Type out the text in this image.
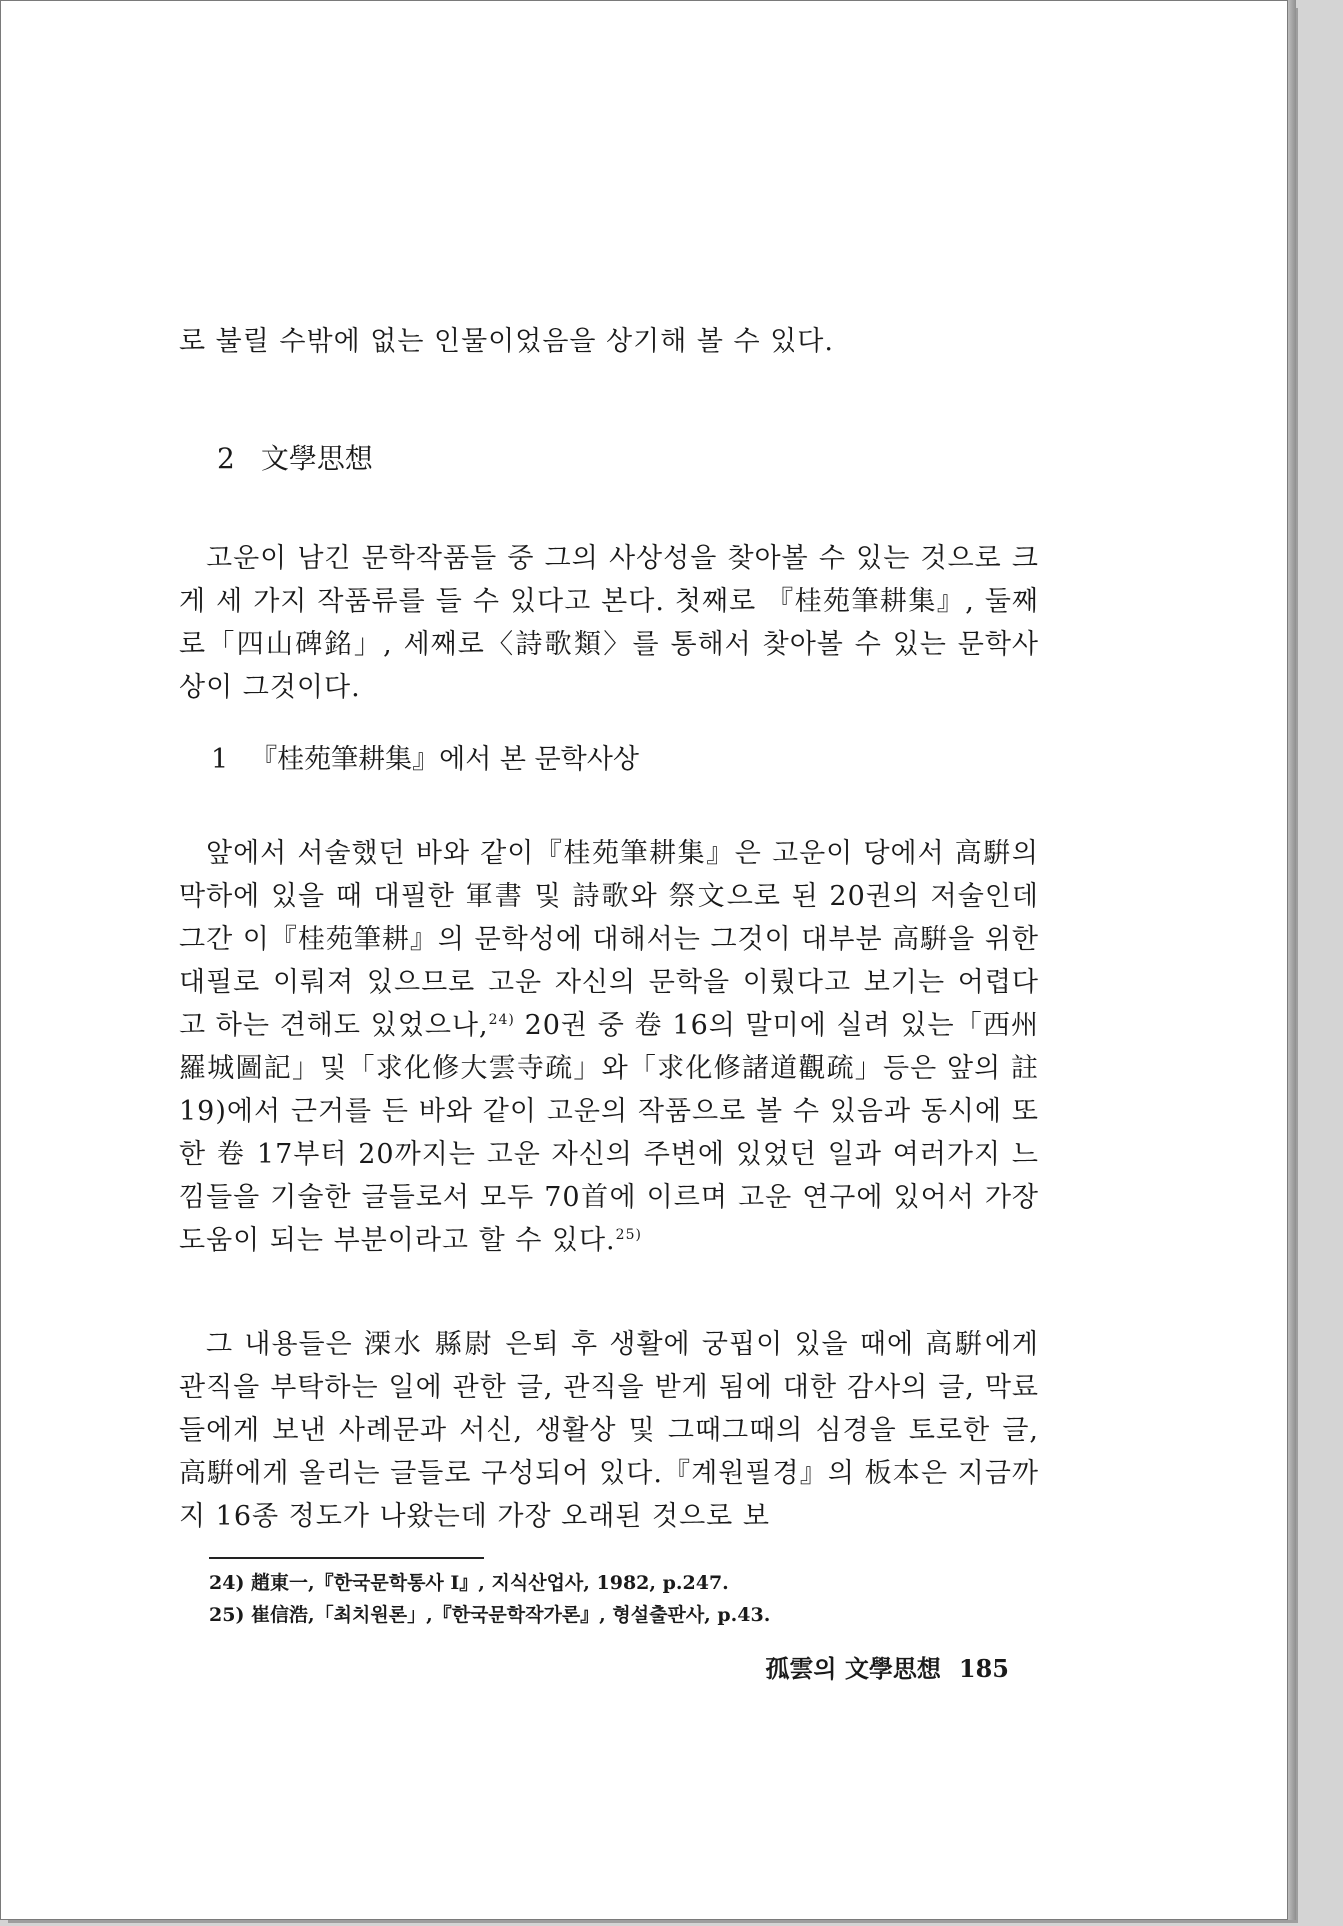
로 불릴 수밖에 없는 인물이었음을 상기해 볼 수 있다.
2 文學思想
고운이 남긴 문학작품들 중 그의 사상성을 찾아볼 수 있는 것으로 크게 세 가지 작품류를 들 수 있다고 본다. 첫째로 『桂苑筆耕集』, 둘째로「四山碑銘」, 세째로〈詩歌類〉를 통해서 찾아볼 수 있는 문학사상이 그것이다.
1 『桂苑筆耕集』에서 본 문학사상
앞에서 서술했던 바와 같이『桂苑筆耕集』은 고운이 당에서 高騈의 막하에 있을 때 대필한 軍書 및 詩歌와 祭文으로 된 20권의 저술인데 그간 이『桂苑筆耕』의 문학성에 대해서는 그것이 대부분 高騈을 위한 대필로 이뤄져 있으므로 고운 자신의 문학을 이뤘다고 보기는 어렵다고 하는 견해도 있었으나,$^{24)}$ 20권 중 卷 16의 말미에 실려 있는「西州羅城圖記」및「求化修大雲寺疏」와「求化修諸道觀疏」등은 앞의 註 19)에서 근거를 든 바와 같이 고운의 작품으로 볼 수 있음과 동시에 또한 卷 17부터 20까지는 고운 자신의 주변에 있었던 일과 여러가지 느낌들을 기술한 글들로서 모두 70首에 이르며 고운 연구에 있어서 가장 도움이 되는 부분이라고 할 수 있다.$^{25)}$
그 내용들은 溧水 縣尉 은퇴 후 생활에 궁핍이 있을 때에 高騈에게 관직을 부탁하는 일에 관한 글, 관직을 받게 됨에 대한 감사의 글, 막료들에게 보낸 사례문과 서신, 생활상 및 그때그때의 심경을 토로한 글, 高騈에게 올리는 글들로 구성되어 있다.『계원필경』의 板本은 지금까지 16종 정도가 나왔는데 가장 오래된 것으로 보
24) 趙東一,『한국문학통사 I』, 지식산업사, 1982, p.247.
25) 崔信浩,「최치원론」,『한국문학작가론』, 형설출판사, p.43.
孤雲의 文學思想 185
